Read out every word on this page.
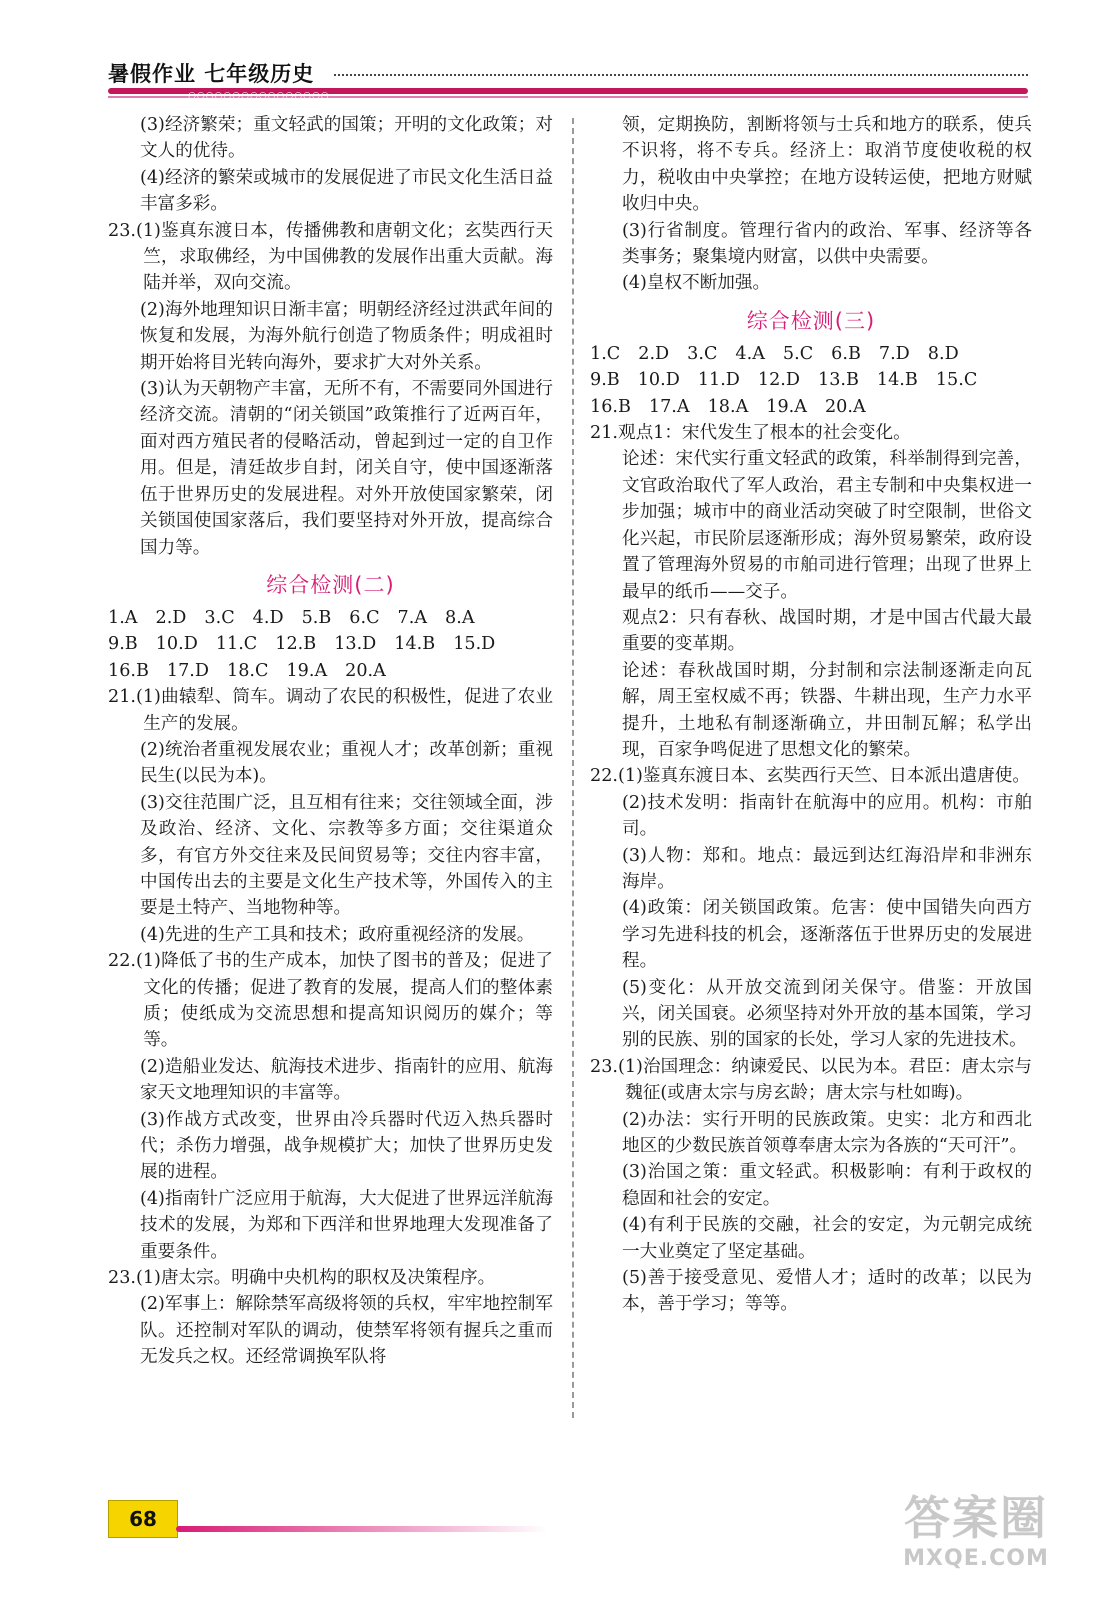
暑假作业 七年级历史
○○○○○○○○○○○○○○○○

(3)经济繁荣；重文轻武的国策；开明的文化政策；对文人的优待。

(4)经济的繁荣或城市的发展促进了市民文化生活日益丰富多彩。

23.(1)鉴真东渡日本，传播佛教和唐朝文化；玄奘西行天竺，求取佛经，为中国佛教的发展作出重大贡献。海陆并举，双向交流。

(2)海外地理知识日渐丰富；明朝经济经过洪武年间的恢复和发展，为海外航行创造了物质条件；明成祖时期开始将目光转向海外，要求扩大对外关系。

(3)认为天朝物产丰富，无所不有，不需要同外国进行经济交流。清朝的“闭关锁国”政策推行了近两百年，面对西方殖民者的侵略活动，曾起到过一定的自卫作用。但是，清廷故步自封，闭关自守，使中国逐渐落伍于世界历史的发展进程。对外开放使国家繁荣，闭关锁国使国家落后，我们要坚持对外开放，提高综合国力等。

综合检测(二)
1.A 2.D 3.C 4.D 5.B 6.C 7.A 8.A
9.B 10.D 11.C 12.B 13.D 14.B 15.D
16.B 17.D 18.C 19.A 20.A

21.(1)曲辕犁、筒车。调动了农民的积极性，促进了农业生产的发展。

(2)统治者重视发展农业；重视人才；改革创新；重视民生(以民为本)。

(3)交往范围广泛，且互相有往来；交往领域全面，涉及政治、经济、文化、宗教等多方面；交往渠道众多，有官方外交往来及民间贸易等；交往内容丰富，中国传出去的主要是文化生产技术等，外国传入的主要是土特产、当地物种等。

(4)先进的生产工具和技术；政府重视经济的发展。

22.(1)降低了书的生产成本，加快了图书的普及；促进了文化的传播；促进了教育的发展，提高人们的整体素质；使纸成为交流思想和提高知识阅历的媒介；等等。

(2)造船业发达、航海技术进步、指南针的应用、航海家天文地理知识的丰富等。

(3)作战方式改变，世界由冷兵器时代迈入热兵器时代；杀伤力增强，战争规模扩大；加快了世界历史发展的进程。

(4)指南针广泛应用于航海，大大促进了世界远洋航海技术的发展，为郑和下西洋和世界地理大发现准备了重要条件。

23.(1)唐太宗。明确中央机构的职权及决策程序。

(2)军事上：解除禁军高级将领的兵权，牢牢地控制军队。还控制对军队的调动，使禁军将领有握兵之重而无发兵之权。还经常调换军队将

领，定期换防，割断将领与士兵和地方的联系，使兵不识将，将不专兵。经济上：取消节度使收税的权力，税收由中央掌控；在地方设转运使，把地方财赋收归中央。

(3)行省制度。管理行省内的政治、军事、经济等各类事务；聚集境内财富，以供中央需要。

(4)皇权不断加强。

综合检测(三)
1.C 2.D 3.C 4.A 5.C 6.B 7.D 8.D
9.B 10.D 11.D 12.D 13.B 14.B 15.C
16.B 17.A 18.A 19.A 20.A

21.观点1：宋代发生了根本的社会变化。

论述：宋代实行重文轻武的政策，科举制得到完善，文官政治取代了军人政治，君主专制和中央集权进一步加强；城市中的商业活动突破了时空限制，世俗文化兴起，市民阶层逐渐形成；海外贸易繁荣，政府设置了管理海外贸易的市舶司进行管理；出现了世界上最早的纸币——交子。

观点2：只有春秋、战国时期，才是中国古代最大最重要的变革期。

论述：春秋战国时期，分封制和宗法制逐渐走向瓦解，周王室权威不再；铁器、牛耕出现，生产力水平提升，土地私有制逐渐确立，井田制瓦解；私学出现，百家争鸣促进了思想文化的繁荣。

22.(1)鉴真东渡日本、玄奘西行天竺、日本派出遣唐使。

(2)技术发明：指南针在航海中的应用。机构：市舶司。

(3)人物：郑和。地点：最远到达红海沿岸和非洲东海岸。

(4)政策：闭关锁国政策。危害：使中国错失向西方学习先进科技的机会，逐渐落伍于世界历史的发展进程。

(5)变化：从开放交流到闭关保守。借鉴：开放国兴，闭关国衰。必须坚持对外开放的基本国策，学习别的民族、别的国家的长处，学习人家的先进技术。

23.(1)治国理念：纳谏爱民、以民为本。君臣：唐太宗与魏征(或唐太宗与房玄龄；唐太宗与杜如晦)。

(2)办法：实行开明的民族政策。史实：北方和西北地区的少数民族首领尊奉唐太宗为各族的“天可汗”。

(3)治国之策：重文轻武。积极影响：有利于政权的稳固和社会的安定。

(4)有利于民族的交融，社会的安定，为元朝完成统一大业奠定了坚定基础。

(5)善于接受意见、爱惜人才；适时的改革；以民为本，善于学习；等等。

68	答案圈
MXQE.COM
